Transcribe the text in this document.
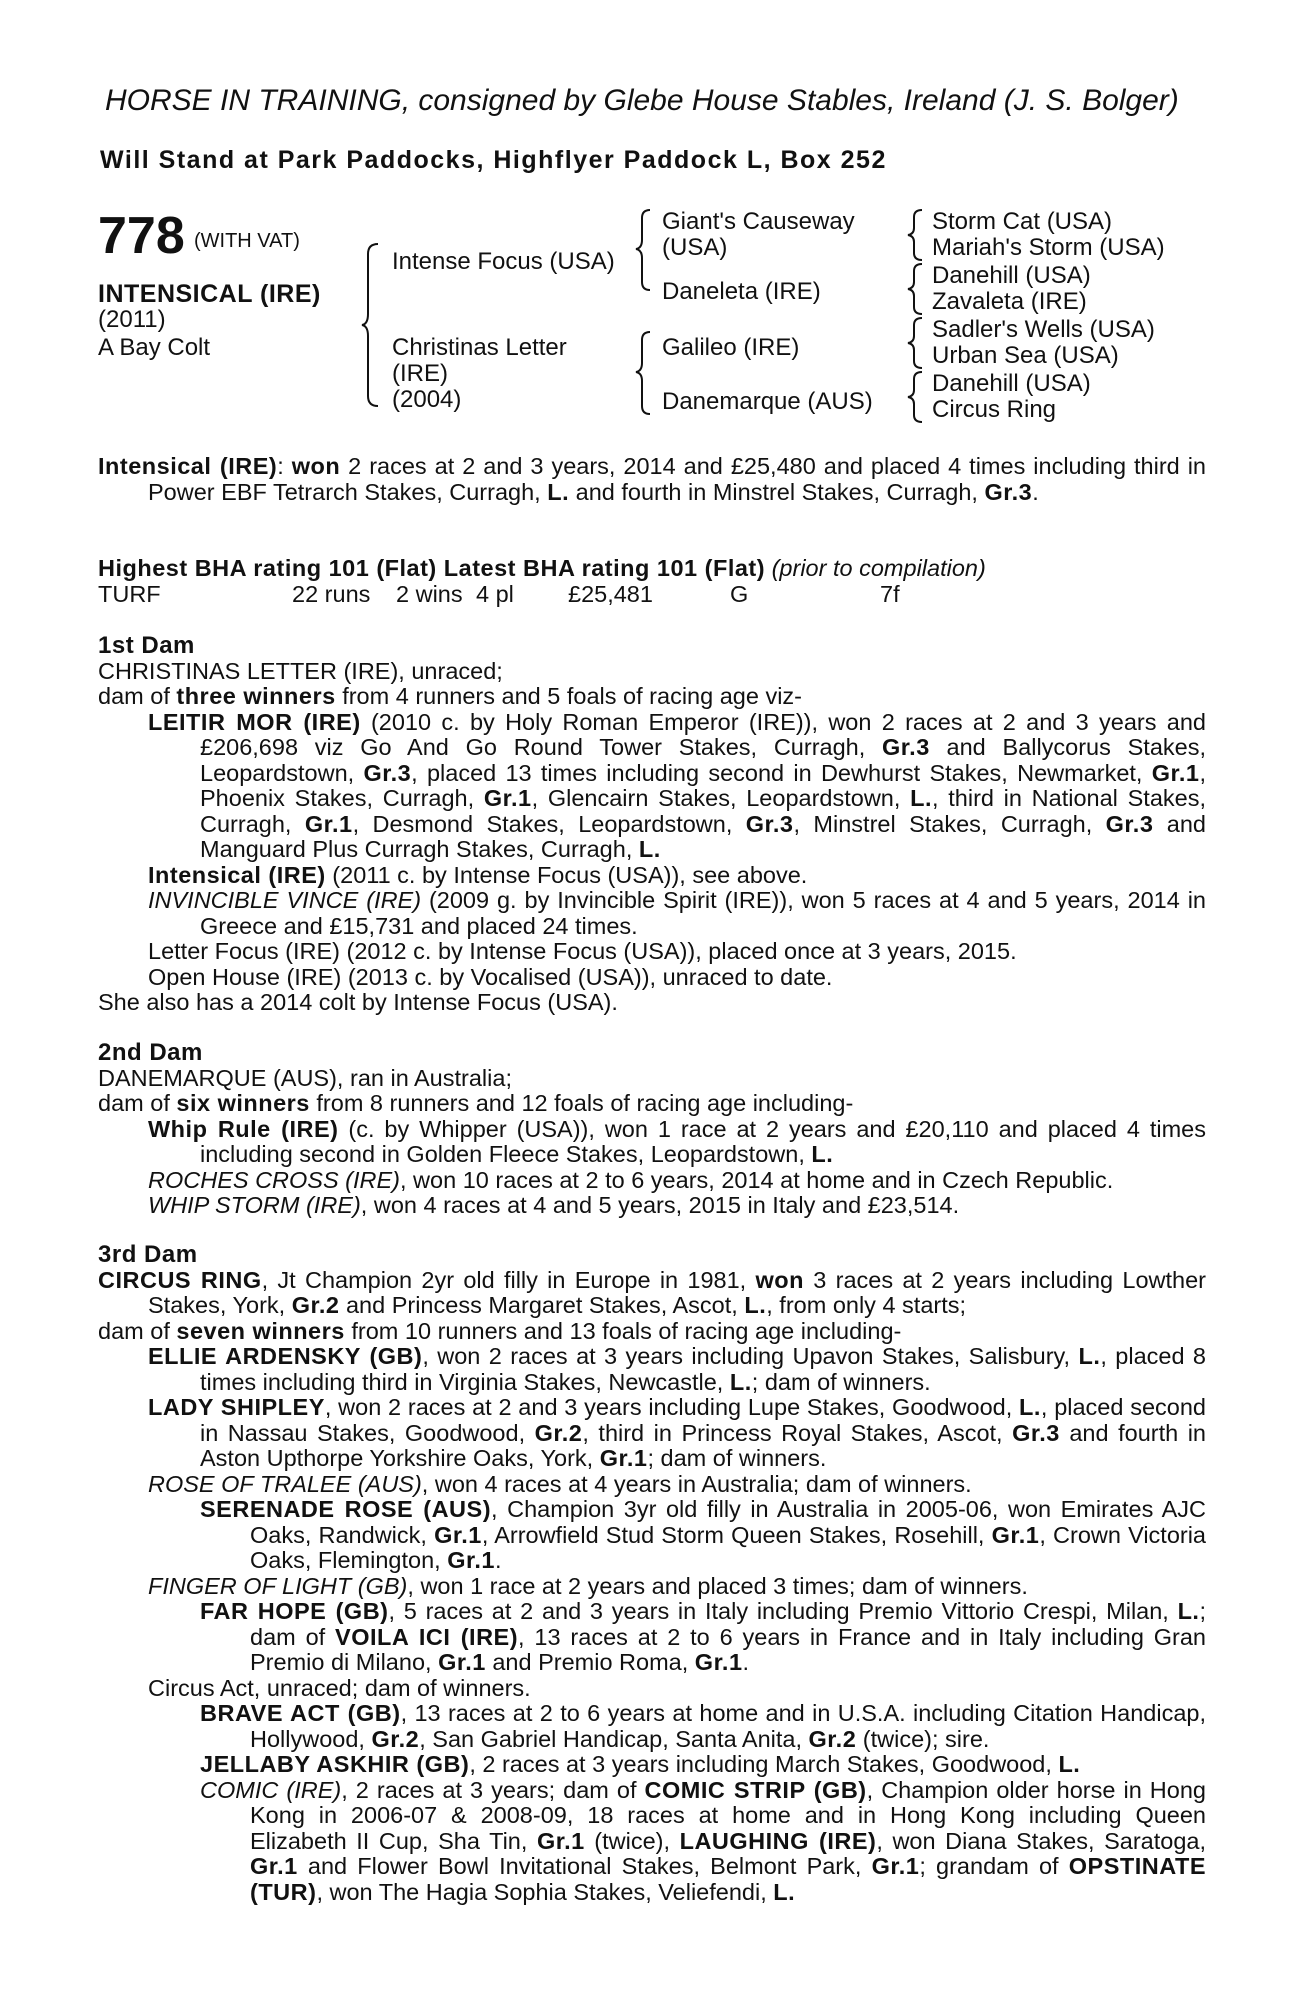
HORSE IN TRAINING, consigned by Glebe House Stables, Ireland (J. S. Bolger)
Will Stand at Park Paddocks, Highflyer Paddock L, Box 252
778 (WITH VAT)
INTENSICAL (IRE)
(2011)
A Bay Colt
Intense Focus (USA)
Christinas Letter
(IRE)
(2004)
Giant's Causeway
(USA)
Daneleta (IRE)
Galileo (IRE)
Danemarque (AUS)
Storm Cat (USA)
Mariah's Storm (USA)
Danehill (USA)
Zavaleta (IRE)
Sadler's Wells (USA)
Urban Sea (USA)
Danehill (USA)
Circus Ring

Intensical (IRE): won 2 races at 2 and 3 years, 2014 and £25,480 and placed 4 times including third in Power EBF Tetrarch Stakes, Curragh, L. and fourth in Minstrel Stakes, Curragh, Gr.3.

Highest BHA rating 101 (Flat) Latest BHA rating 101 (Flat) (prior to compilation)

TURF	22 runs 2 wins 4 pl £25,481	G	7f

1st Dam

CHRISTINAS LETTER (IRE), unraced;

dam of three winners from 4 runners and 5 foals of racing age viz-

LEITIR MOR (IRE) (2010 c. by Holy Roman Emperor (IRE)), won 2 races at 2 and 3 years and £206,698 viz Go And Go Round Tower Stakes, Curragh, Gr.3 and Ballycorus Stakes, Leopardstown, Gr.3, placed 13 times including second in Dewhurst Stakes, Newmarket, Gr.1, Phoenix Stakes, Curragh, Gr.1, Glencairn Stakes, Leopardstown, L., third in National Stakes, Curragh, Gr.1, Desmond Stakes, Leopardstown, Gr.3, Minstrel Stakes, Curragh, Gr.3 and Manguard Plus Curragh Stakes, Curragh, L.

Intensical (IRE) (2011 c. by Intense Focus (USA)), see above.

INVINCIBLE VINCE (IRE) (2009 g. by Invincible Spirit (IRE)), won 5 races at 4 and 5 years, 2014 in Greece and £15,731 and placed 24 times.

Letter Focus (IRE) (2012 c. by Intense Focus (USA)), placed once at 3 years, 2015.

Open House (IRE) (2013 c. by Vocalised (USA)), unraced to date.

She also has a 2014 colt by Intense Focus (USA).

2nd Dam

DANEMARQUE (AUS), ran in Australia;

dam of six winners from 8 runners and 12 foals of racing age including-

Whip Rule (IRE) (c. by Whipper (USA)), won 1 race at 2 years and £20,110 and placed 4 times including second in Golden Fleece Stakes, Leopardstown, L.

ROCHES CROSS (IRE), won 10 races at 2 to 6 years, 2014 at home and in Czech Republic.

WHIP STORM (IRE), won 4 races at 4 and 5 years, 2015 in Italy and £23,514.

3rd Dam

CIRCUS RING, Jt Champion 2yr old filly in Europe in 1981, won 3 races at 2 years including Lowther Stakes, York, Gr.2 and Princess Margaret Stakes, Ascot, L., from only 4 starts;

dam of seven winners from 10 runners and 13 foals of racing age including-

ELLIE ARDENSKY (GB), won 2 races at 3 years including Upavon Stakes, Salisbury, L., placed 8 times including third in Virginia Stakes, Newcastle, L.; dam of winners.

LADY SHIPLEY, won 2 races at 2 and 3 years including Lupe Stakes, Goodwood, L., placed second in Nassau Stakes, Goodwood, Gr.2, third in Princess Royal Stakes, Ascot, Gr.3 and fourth in Aston Upthorpe Yorkshire Oaks, York, Gr.1; dam of winners.

ROSE OF TRALEE (AUS), won 4 races at 4 years in Australia; dam of winners.

SERENADE ROSE (AUS), Champion 3yr old filly in Australia in 2005-06, won Emirates AJC Oaks, Randwick, Gr.1, Arrowfield Stud Storm Queen Stakes, Rosehill, Gr.1, Crown Victoria Oaks, Flemington, Gr.1.

FINGER OF LIGHT (GB), won 1 race at 2 years and placed 3 times; dam of winners.

FAR HOPE (GB), 5 races at 2 and 3 years in Italy including Premio Vittorio Crespi, Milan, L.; dam of VOILA ICI (IRE), 13 races at 2 to 6 years in France and in Italy including Gran Premio di Milano, Gr.1 and Premio Roma, Gr.1.

Circus Act, unraced; dam of winners.

BRAVE ACT (GB), 13 races at 2 to 6 years at home and in U.S.A. including Citation Handicap, Hollywood, Gr.2, San Gabriel Handicap, Santa Anita, Gr.2 (twice); sire.

JELLABY ASKHIR (GB), 2 races at 3 years including March Stakes, Goodwood, L.

COMIC (IRE), 2 races at 3 years; dam of COMIC STRIP (GB), Champion older horse in Hong Kong in 2006-07 & 2008-09, 18 races at home and in Hong Kong including Queen Elizabeth II Cup, Sha Tin, Gr.1 (twice), LAUGHING (IRE), won Diana Stakes, Saratoga, Gr.1 and Flower Bowl Invitational Stakes, Belmont Park, Gr.1; grandam of OPSTINATE (TUR), won The Hagia Sophia Stakes, Veliefendi, L.
